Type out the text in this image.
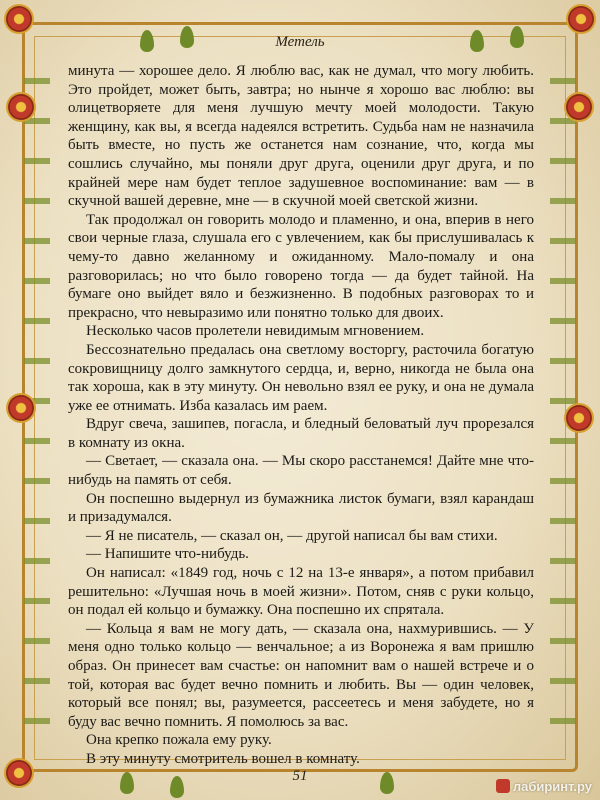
Метель

минута — хорошее дело. Я люблю вас, как не думал, что могу любить. Это пройдет, может быть, завтра; но нынче я хорошо вас люблю: вы олицетворяете для меня лучшую мечту моей молодости. Такую женщину, как вы, я всегда надеялся встретить. Судьба нам не назначила быть вместе, но пусть же останется нам сознание, что, когда мы сошлись случайно, мы поняли друг друга, оценили друг друга, и по крайней мере нам будет теплое задушевное воспоминание: вам — в скучной вашей деревне, мне — в скучной моей светской жизни.

Так продолжал он говорить молодо и пламенно, и она, вперив в него свои черные глаза, слушала его с увлечением, как бы прислушивалась к чему-то давно желанному и ожиданному. Мало-помалу и она разговорилась; но что было говорено тогда — да будет тайной. На бумаге оно выйдет вяло и безжизненно. В подобных разговорах то и прекрасно, что невыразимо или понятно только для двоих.

Несколько часов пролетели невидимым мгновением.

Бессознательно предалась она светлому восторгу, расточила богатую сокровищницу долго замкнутого сердца, и, верно, никогда не была она так хороша, как в эту минуту. Он невольно взял ее руку, и она не думала уже ее отнимать. Изба казалась им раем.

Вдруг свеча, зашипев, погасла, и бледный беловатый луч прорезался в комнату из окна.

— Светает, — сказала она. — Мы скоро расстанемся! Дайте мне что-нибудь на память от себя.

Он поспешно выдернул из бумажника листок бумаги, взял карандаш и призадумался.

— Я не писатель, — сказал он, — другой написал бы вам стихи.

— Напишите что-нибудь.

Он написал: «1849 год, ночь с 12 на 13-е января», а потом прибавил решительно: «Лучшая ночь в моей жизни». Потом, сняв с руки кольцо, он подал ей кольцо и бумажку. Она поспешно их спрятала.

— Кольца я вам не могу дать, — сказала она, нахмурившись. — У меня одно только кольцо — венчальное; а из Воронежа я вам пришлю образ. Он принесет вам счастье: он напомнит вам о нашей встрече и о той, которая вас будет вечно помнить и любить. Вы — один человек, который все понял; вы, разумеется, рассеетесь и меня забудете, но я буду вас вечно помнить. Я помолюсь за вас.

Она крепко пожала ему руку.

В эту минуту смотритель вошел в комнату.

51
лабиринт.ру
